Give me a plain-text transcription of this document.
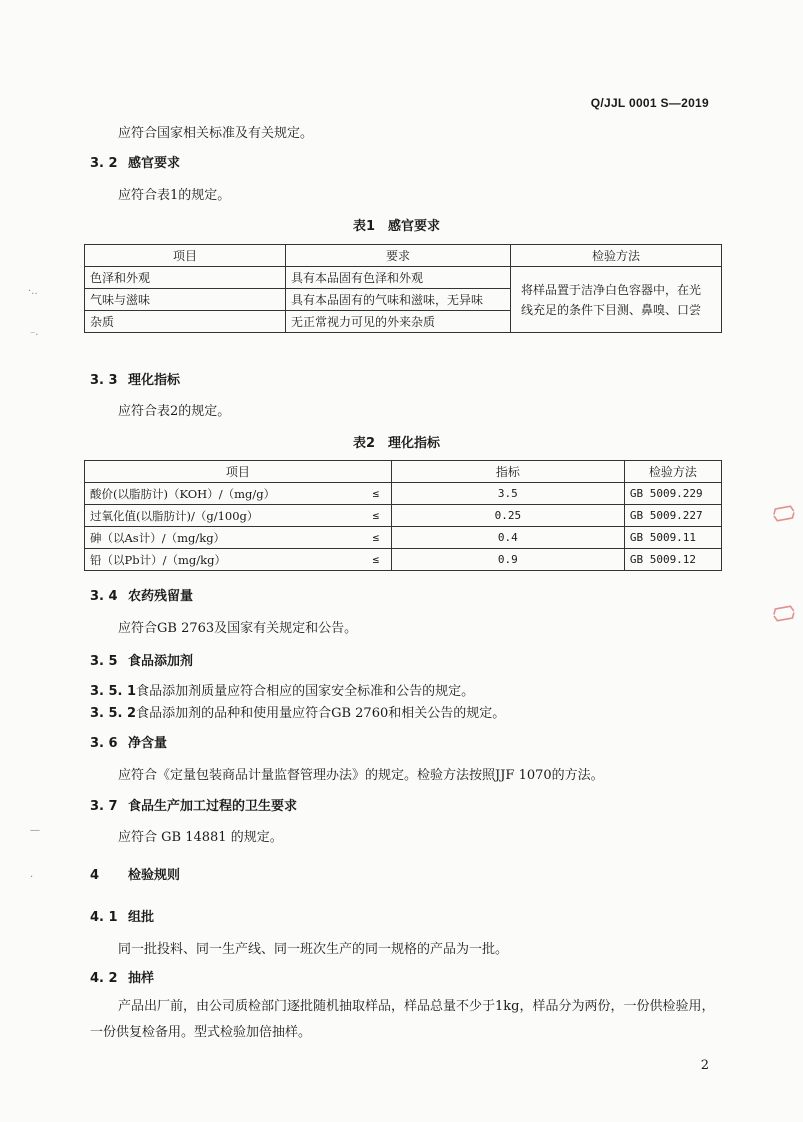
Q/JJL 0001 S—2019
应符合国家相关标准及有关规定。
3. 2 感官要求
应符合表1的规定。
表1　感官要求
项目	要求	检验方法
色泽和外观	具有本品固有色泽和外观	将样品置于洁净白色容器中，在光线充足的条件下目测、鼻嗅、口尝
气味与滋味	具有本品固有的气味和滋味，无异味	
杂质	无正常视力可见的外来杂质	
3. 3 理化指标
应符合表2的规定。
表2　理化指标
项目		指标	检验方法
酸价(以脂肪计)（KOH）/（mg/g）	≤	3.5	GB 5009.229
过氧化值(以脂肪计)/（g/100g）	≤	0.25	GB 5009.227
砷（以As计）/（mg/kg）	≤	0.4	GB 5009.11
铅（以Pb计）/（mg/kg）	≤	0.9	GB 5009.12
3. 4 农药残留量
应符合GB 2763及国家有关规定和公告。
3. 5 食品添加剂
3. 5. 1食品添加剂质量应符合相应的国家安全标准和公告的规定。
3. 5. 2食品添加剂的品种和使用量应符合GB 2760和相关公告的规定。
3. 6 净含量
应符合《定量包装商品计量监督管理办法》的规定。检验方法按照JJF 1070的方法。
3. 7 食品生产加工过程的卫生要求
应符合 GB 14881 的规定。
4 检验规则
4. 1 组批
同一批投料、同一生产线、同一班次生产的同一规格的产品为一批。
4. 2 抽样
产品出厂前，由公司质检部门逐批随机抽取样品，样品总量不少于1kg，样品分为两份，一份供检验用，一份供复检备用。型式检验加倍抽样。
2
·‥
⁻·
—
·
〔〕
〔〕
